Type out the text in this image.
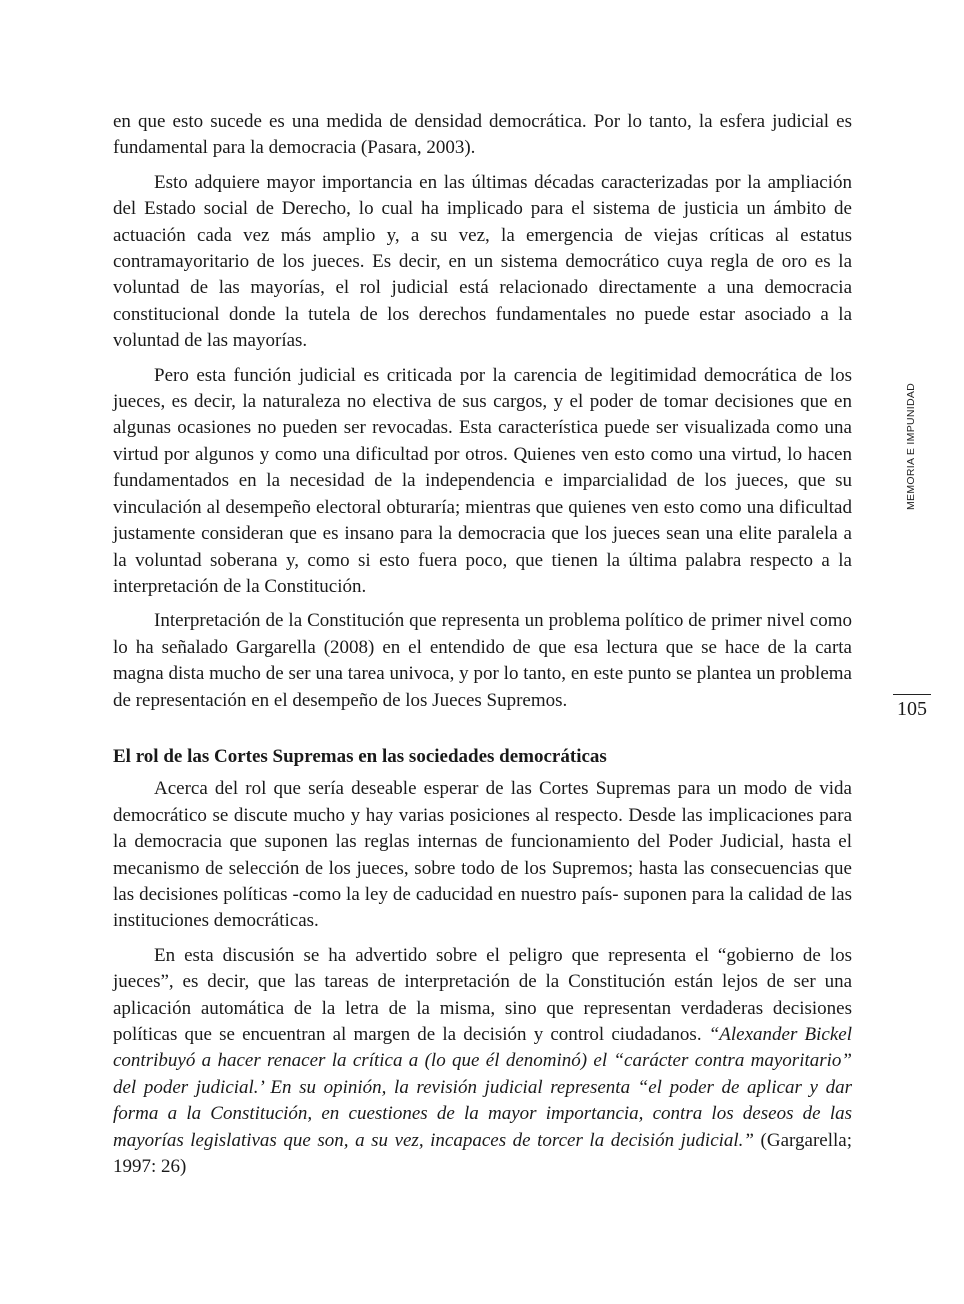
MEMORIA E IMPUNIDAD
105

en que esto sucede es una medida de densidad democrática. Por lo tanto, la esfera judicial es fundamental para la democracia (Pasara, 2003).

Esto adquiere mayor importancia en las últimas décadas caracterizadas por la ampliación del Estado social de Derecho, lo cual ha implicado para el sistema de justicia un ámbito de actuación cada vez más amplio y, a su vez, la emergencia de viejas críticas al estatus contramayoritario de los jueces. Es decir, en un sistema democrático cuya regla de oro es la voluntad de las mayorías, el rol judicial está relacionado directamente a una democracia constitucional donde la tutela de los derechos fundamentales no puede estar asociado a la voluntad de las mayorías.

Pero esta función judicial es criticada por la carencia de legitimidad democrática de los jueces, es decir, la naturaleza no electiva de sus cargos, y el poder de tomar decisiones que en algunas ocasiones no pueden ser revocadas. Esta característica puede ser visualizada como una virtud por algunos y como una dificultad por otros. Quienes ven esto como una virtud, lo hacen fundamentados en la necesidad de la independencia e imparcialidad de los jueces, que su vinculación al desempeño electoral obturaría; mientras que quienes ven esto como una dificultad justamente consideran que es insano para la democracia que los jueces sean una elite paralela a la voluntad soberana y, como si esto fuera poco, que tienen la última palabra respecto a la interpretación de la Constitución.

Interpretación de la Constitución que representa un problema político de primer nivel como lo ha señalado Gargarella (2008) en el entendido de que esa lectura que se hace de la carta magna dista mucho de ser una tarea univoca, y por lo tanto, en este punto se plantea un problema de representación en el desempeño de los Jueces Supremos.

El rol de las Cortes Supremas en las sociedades democráticas

Acerca del rol que sería deseable esperar de las Cortes Supremas para un modo de vida democrático se discute mucho y hay varias posiciones al respecto. Desde las implicaciones para la democracia que suponen las reglas internas de funcionamiento del Poder Judicial, hasta el mecanismo de selección de los jueces, sobre todo de los Supremos; hasta las consecuencias que las decisiones políticas -como la ley de caducidad en nuestro país- suponen para la calidad de las instituciones democráticas.

En esta discusión se ha advertido sobre el peligro que representa el “gobierno de los jueces”, es decir, que las tareas de interpretación de la Constitución están lejos de ser una aplicación automática de la letra de la misma, sino que representan verdaderas decisiones políticas que se encuentran al margen de la decisión y control ciudadanos. “Alexander Bickel contribuyó a hacer renacer la crítica a (lo que él denominó) el “carácter contra mayoritario” del poder judicial.’ En su opinión, la revisión judicial representa “el poder de aplicar y dar forma a la Constitución, en cuestiones de la mayor importancia, contra los deseos de las mayorías legislativas que son, a su vez, incapaces de torcer la decisión judicial.” (Gargarella; 1997: 26)
